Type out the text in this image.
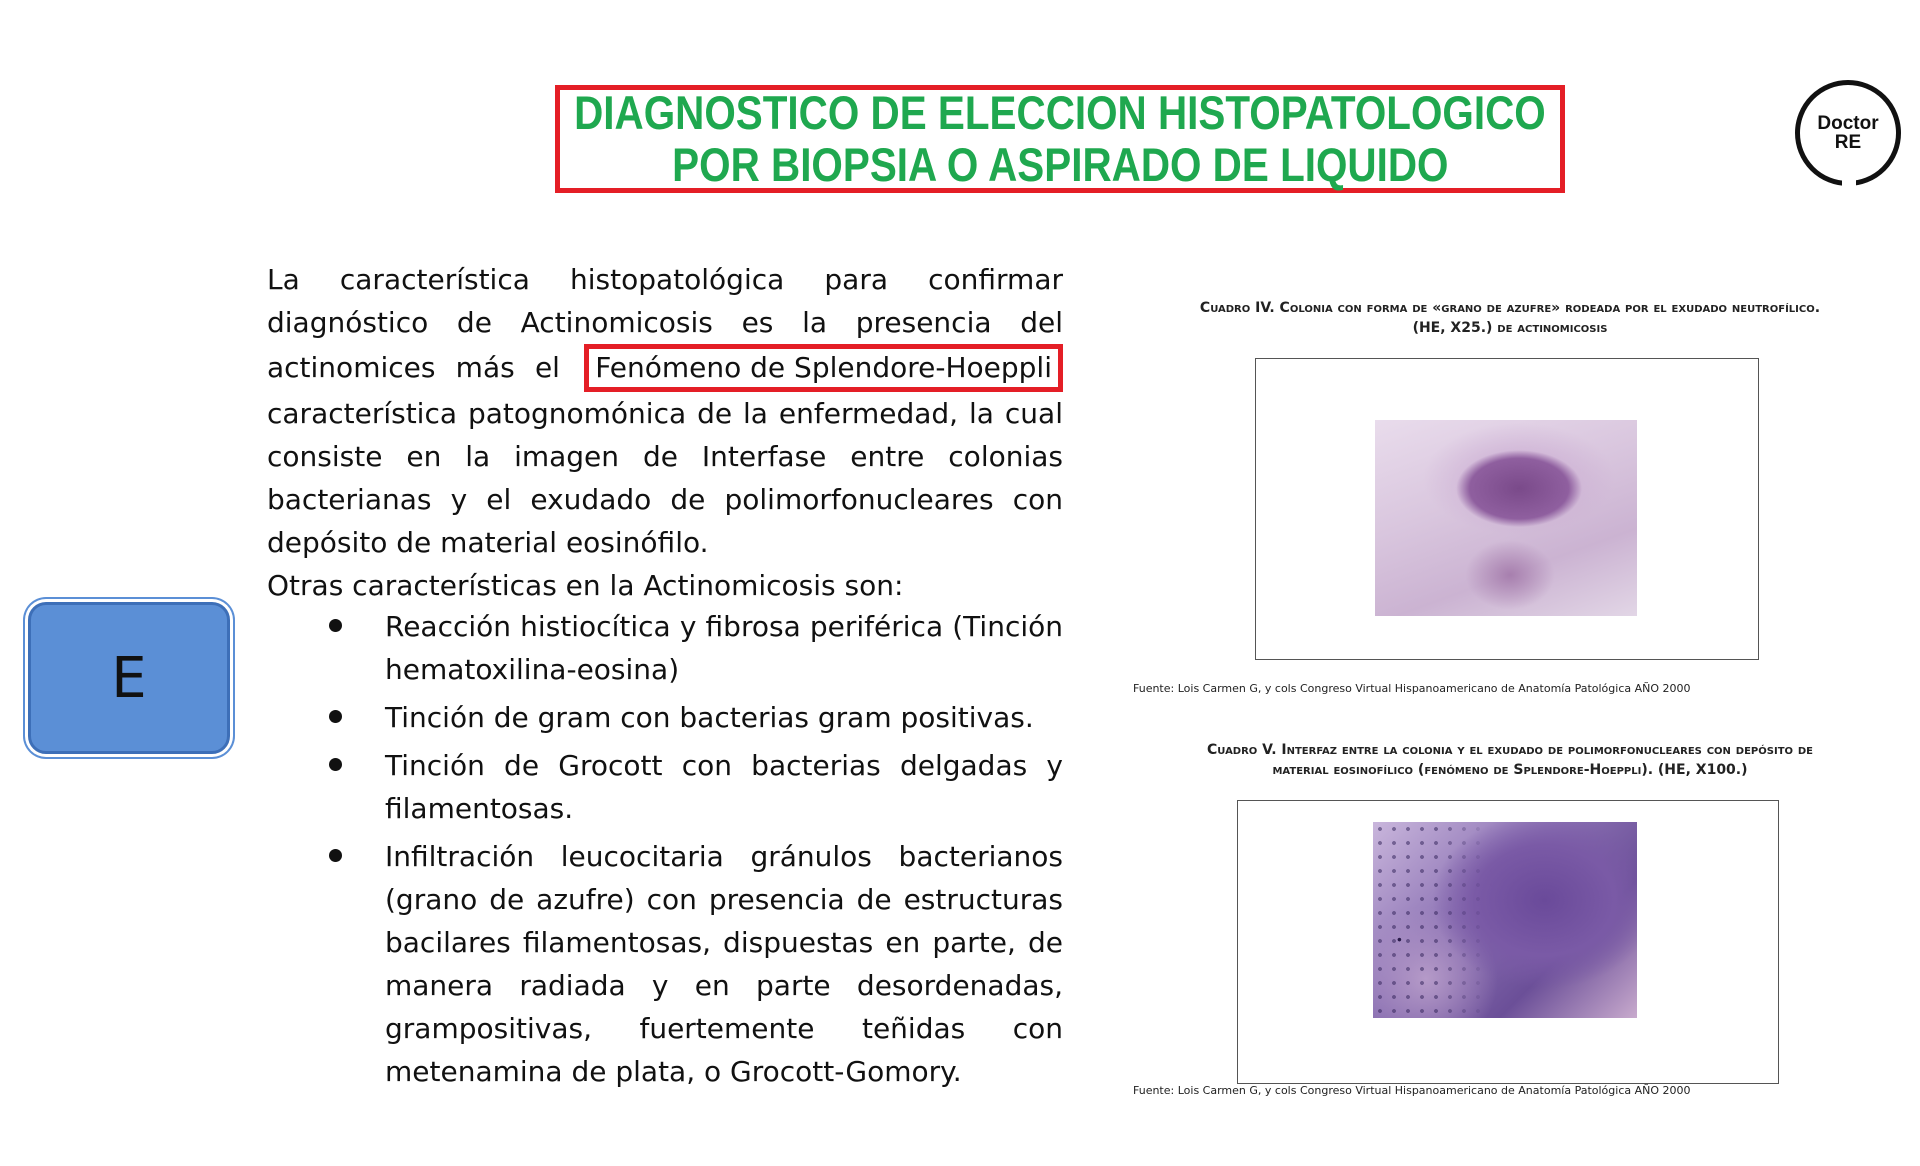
DIAGNOSTICO DE ELECCION HISTOPATOLOGICO
POR BIOPSIA O ASPIRADO DE LIQUIDO
Doctor
RE
E

La característica histopatológica para confirmar diagnóstico de Actinomicosis es la presencia del actinomices más el Fenómeno de Splendore-Hoeppli característica patognomónica de la enfermedad, la cual consiste en la imagen de Interfase entre colonias bacterianas y el exudado de polimorfonucleares con depósito de material eosinófilo.

Otras características en la Actinomicosis son:

Reacción histiocítica y fibrosa periférica (Tinción hematoxilina-eosina)
Tinción de gram con bacterias gram positivas.
Tinción de Grocott con bacterias delgadas y filamentosas.
Infiltración leucocitaria gránulos bacterianos (grano de azufre) con presencia de estructuras bacilares filamentosas, dispuestas en parte, de manera radiada y en parte desordenadas, grampositivas, fuertemente teñidas con metenamina de plata, o Grocott-Gomory.
Cuadro IV. Colonia con forma de «grano de azufre» rodeada por el exudado neutrofílico.
(HE, X25.) de actinomicosis
Fuente: Lois Carmen G, y cols Congreso Virtual Hispanoamericano de Anatomía Patológica AÑO 2000
Cuadro V. Interfaz entre la colonia y el exudado de polimorfonucleares con depósito de
material eosinofílico (fenómeno de Splendore-Hoeppli). (HE, X100.)
Fuente: Lois Carmen G, y cols Congreso Virtual Hispanoamericano de Anatomía Patológica AÑO 2000
